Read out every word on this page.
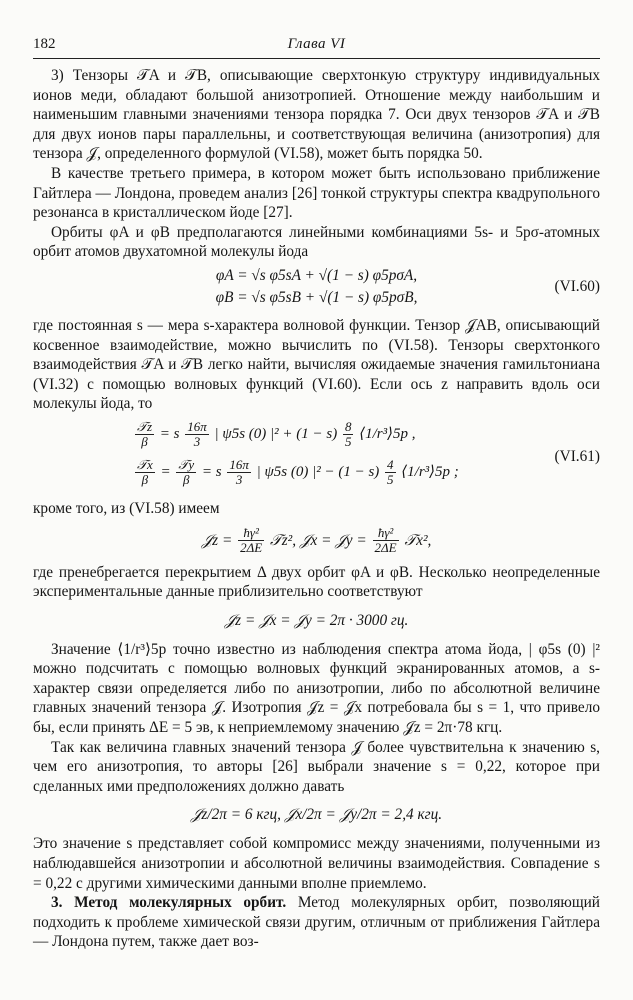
182	Глава VI

3) Тензоры 𝒯A и 𝒯B, описывающие сверхтонкую структуру индивидуальных ионов меди, обладают большой анизотропией. Отношение между наибольшим и наименьшим главными значениями тензора порядка 7. Оси двух тензоров 𝒯A и 𝒯B для двух ионов пары параллельны, и соответствующая величина (анизотропия) для тензора 𝒥, определенного формулой (VI.58), может быть порядка 50.

В качестве третьего примера, в котором может быть использовано приближение Гайтлера — Лондона, проведем анализ [26] тонкой структуры спектра квадрупольного резонанса в кристаллическом йоде [27].

Орбиты φA и φB предполагаются линейными комбинациями 5s- и 5pσ-атомных орбит атомов двухатомной молекулы йода

φA = √s φ5sA + √(1 − s) φ5pσA,
φB = √s φ5sB + √(1 − s) φ5pσB,
(VI.60)

где постоянная s — мера s-характера волновой функции. Тензор 𝒥AB, описывающий косвенное взаимодействие, можно вычислить по (VI.58). Тензоры сверхтонкого взаимодействия 𝒯A и 𝒯B легко найти, вычисляя ожидаемые значения гамильтониана (VI.32) с помощью волновых функций (VI.60). Если ось z направить вдоль оси молекулы йода, то

$\frac{\text{𝒯z}}{\beta} = s \frac{16\pi}{3}$ | ψ5s (0) $|^2 + (1 - s) \frac{8}{5}$ ⟨1/r³⟩5p ,
$\frac{\text{𝒯x}}{\beta} = \frac{\text{𝒯y}}{\beta} = s \frac{16\pi}{3}$ | ψ5s (0) $|^2 - (1 - s) \frac{4}{5}$ ⟨1/r³⟩5p ;
(VI.61)

кроме того, из (VI.58) имеем

𝒥z = $\frac{\text{ħγ²}}{2\Delta E}$ 𝒯z², 𝒥x = 𝒥y = $\frac{\text{ħγ²}}{2\Delta E}$ 𝒯x²,

где пренебрегается перекрытием Δ двух орбит φA и φB. Несколько неопределенные экспериментальные данные приблизительно соответствуют

𝒥z = 𝒥x = 𝒥y = 2π · 3000 гц.

Значение ⟨1/r³⟩5p точно известно из наблюдения спектра атома йода, | φ5s (0) |² можно подсчитать с помощью волновых функций экранированных атомов, а s-характер связи определяется либо по анизотропии, либо по абсолютной величине главных значений тензора 𝒥. Изотропия 𝒥z = 𝒥x потребовала бы s = 1, что привело бы, если принять ΔE = 5 эв, к неприемлемому значению 𝒥z = 2π·78 кгц.

Так как величина главных значений тензора 𝒥 более чувствительна к значению s, чем его анизотропия, то авторы [26] выбрали значение s = 0,22, которое при сделанных ими предположениях должно давать

𝒥z/2π = 6 кгц, 𝒥x/2π = 𝒥y/2π = 2,4 кгц.

Это значение s представляет собой компромисс между значениями, полученными из наблюдавшейся анизотропии и абсолютной величины взаимодействия. Совпадение s = 0,22 с другими химическими данными вполне приемлемо.

3. Метод молекулярных орбит. Метод молекулярных орбит, позволяющий подходить к проблеме химической связи другим, отличным от приближения Гайтлера — Лондона путем, также дает воз-
